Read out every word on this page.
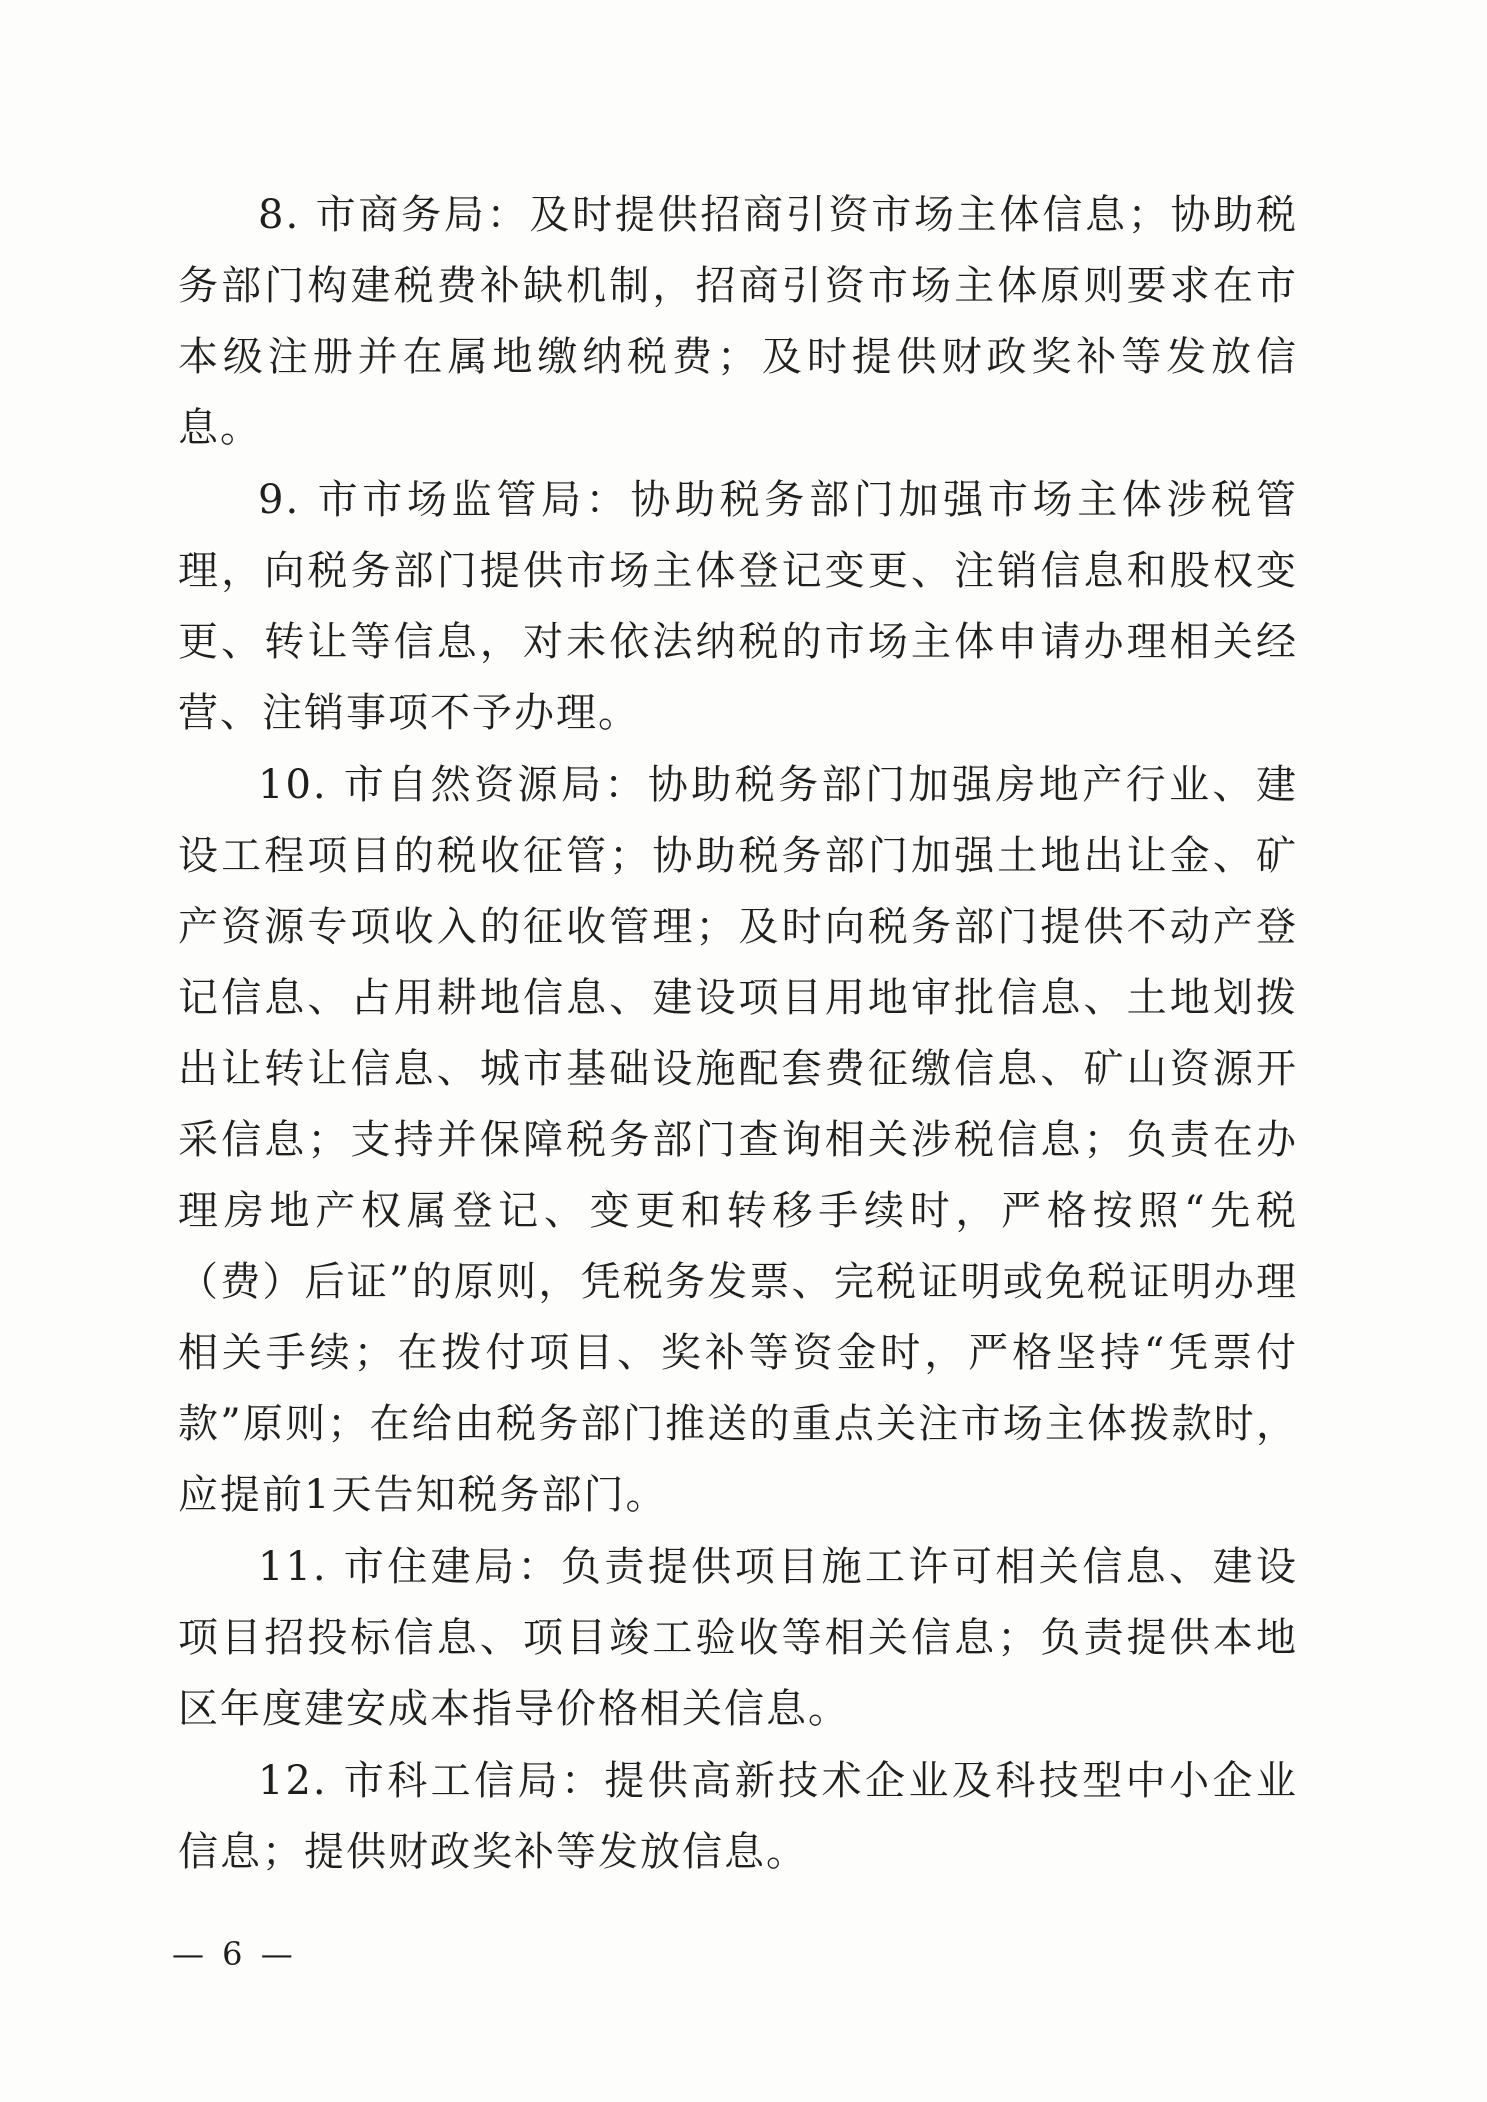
8. 市商务局：及时提供招商引资市场主体信息；协助税务部门构建税费补缺机制，招商引资市场主体原则要求在市本级注册并在属地缴纳税费；及时提供财政奖补等发放信息。

9. 市市场监管局：协助税务部门加强市场主体涉税管理，向税务部门提供市场主体登记变更、注销信息和股权变更、转让等信息，对未依法纳税的市场主体申请办理相关经营、注销事项不予办理。

10. 市自然资源局：协助税务部门加强房地产行业、建设工程项目的税收征管；协助税务部门加强土地出让金、矿产资源专项收入的征收管理；及时向税务部门提供不动产登记信息、占用耕地信息、建设项目用地审批信息、土地划拨出让转让信息、城市基础设施配套费征缴信息、矿山资源开采信息；支持并保障税务部门查询相关涉税信息；负责在办理房地产权属登记、变更和转移手续时，严格按照“先税（费）后证”的原则，凭税务发票、完税证明或免税证明办理相关手续；在拨付项目、奖补等资金时，严格坚持“凭票付款”原则；在给由税务部门推送的重点关注市场主体拨款时，应提前1天告知税务部门。

11. 市住建局：负责提供项目施工许可相关信息、建设项目招投标信息、项目竣工验收等相关信息；负责提供本地区年度建安成本指导价格相关信息。

12. 市科工信局：提供高新技术企业及科技型中小企业信息；提供财政奖补等发放信息。

— 6 —
